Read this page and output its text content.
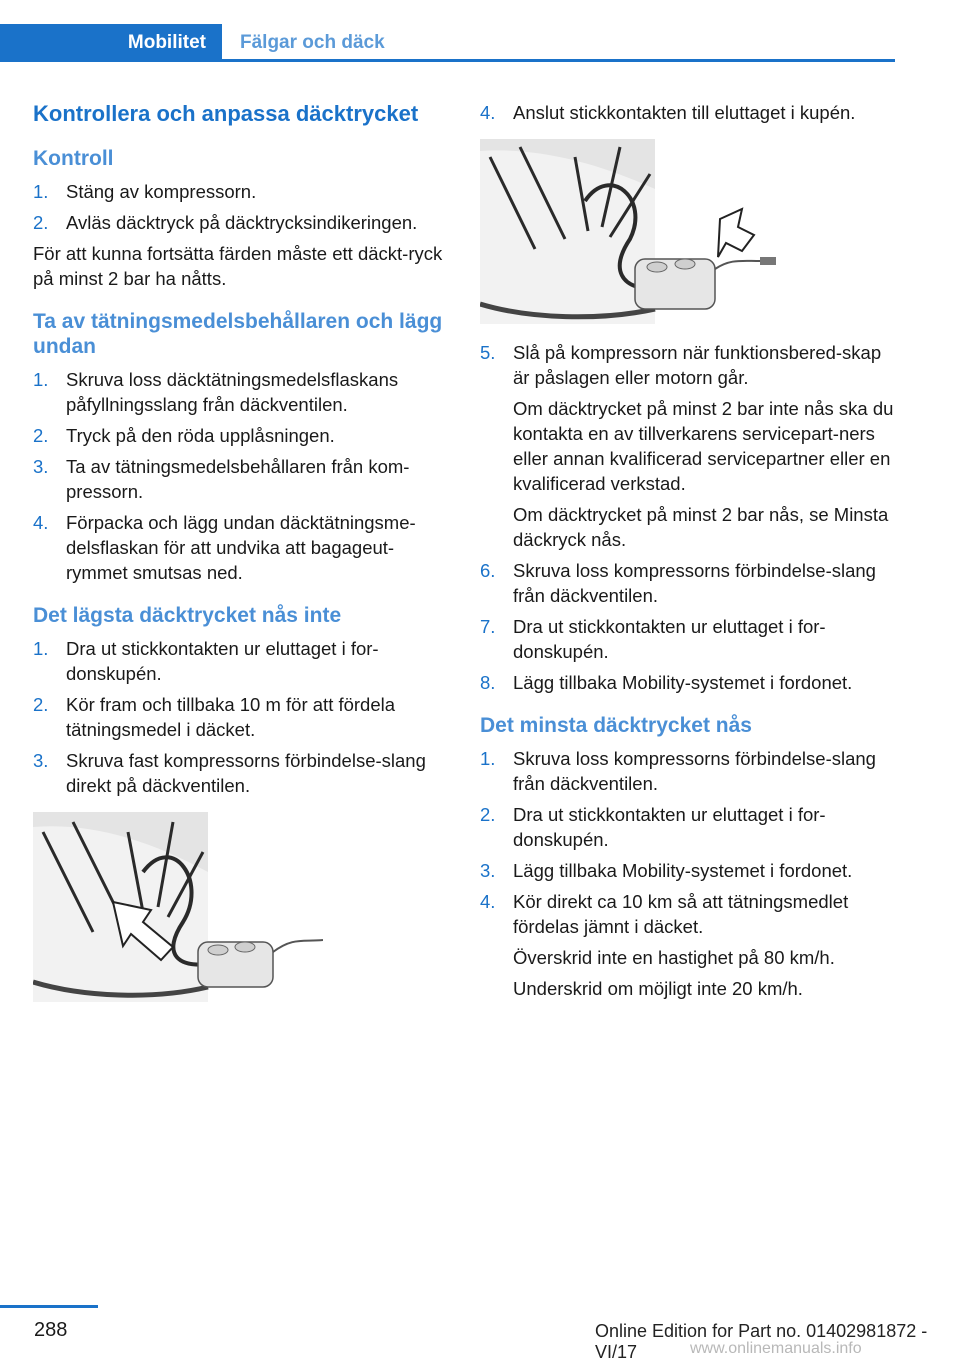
Mobilitet	Fälgar och däck
Kontrollera och anpassa däcktrycket
Kontroll
1. Stäng av kompressorn.

2. Avläs däcktryck på däcktrycksindikeringen.

För att kunna fortsätta färden måste ett däckt‐ryck på minst 2 bar ha nåtts.

Ta av tätningsmedelsbehållaren och lägg undan
1. Skruva loss däcktätningsmedelsflaskans påfyllningsslang från däckventilen.

2. Tryck på den röda upplåsningen.

3. Ta av tätningsmedelsbehållaren från kom‐pressorn.

4. Förpacka och lägg undan däcktätningsme‐delsflaskan för att undvika att bagageut‐rymmet smutsas ned.

Det lägsta däcktrycket nås inte
1. Dra ut stickkontakten ur eluttaget i for‐donskupén.

2. Kör fram och tillbaka 10 m för att fördela tätningsmedel i däcket.

3. Skruva fast kompressorns förbindelse‐slang direkt på däckventilen.

4. Anslut stickkontakten till eluttaget i kupén.

5. Slå på kompressorn när funktionsbered‐skap är påslagen eller motorn går.

Om däcktrycket på minst 2 bar inte nås ska du kontakta en av tillverkarens servicepart‐ners eller annan kvalificerad servicepartner eller en kvalificerad verkstad.

Om däcktrycket på minst 2 bar nås, se Minsta däckryck nås.

6. Skruva loss kompressorns förbindelse‐slang från däckventilen.

7. Dra ut stickkontakten ur eluttaget i for‐donskupén.

8. Lägg tillbaka Mobility-systemet i fordonet.

Det minsta däcktrycket nås
1. Skruva loss kompressorns förbindelse‐slang från däckventilen.

2. Dra ut stickkontakten ur eluttaget i for‐donskupén.

3. Lägg tillbaka Mobility-systemet i fordonet.

4. Kör direkt ca 10 km så att tätningsmedlet fördelas jämnt i däcket.

Överskrid inte en hastighet på 80 km/h.

Underskrid om möjligt inte 20 km/h.

288	Online Edition for Part no. 01402981872 - VI/17	www.onlinemanuals.info
